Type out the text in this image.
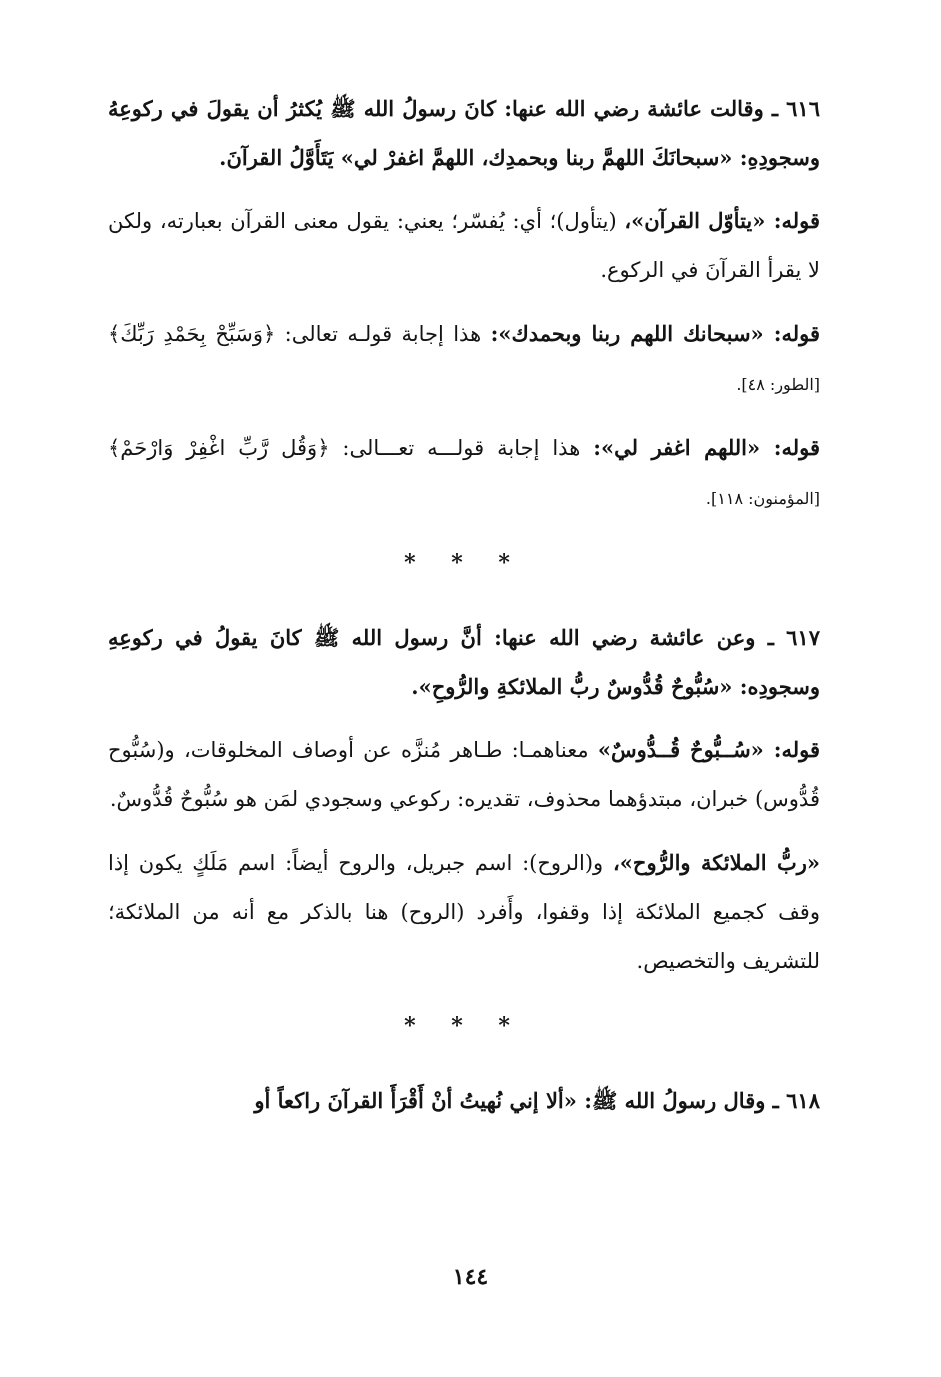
٦١٦ ـ وقالت عائشة رضي الله عنها: كانَ رسولُ الله ﷺ يُكثرُ أن يقولَ في ركوعِهُ وسجودِهِ: «سبحانَكَ اللهمَّ ربنا وبحمدِك، اللهمَّ اغفرْ لي» يَتَأَوَّلُ القرآنَ.

قوله: «يتأوّل القرآن»، (يتأول)؛ أي: يُفسّر؛ يعني: يقول معنى القرآن بعبارته، ولكن لا يقرأ القرآنَ في الركوع.

قوله: «سبحانك اللهم ربنا وبحمدك»: هذا إجابة قولـه تعالى: ﴿وَسَبِّحْ بِحَمْدِ رَبِّكَ﴾[الطور: ٤٨].

قوله: «اللهم اغفر لي»: هذا إجابة قولـــه تعـــالى: ﴿وَقُل رَّبِّ اغْفِرْ وَارْحَمْ﴾[المؤمنون: ١١٨].

* * *

٦١٧ ـ وعن عائشة رضي الله عنها: أنَّ رسول الله ﷺ كانَ يقولُ في ركوعِهِ وسجودِه: «سُبُّوحٌ قُدُّوسٌ ربُّ الملائكةِ والرُّوحِ».

قوله: «سُــبُّوحٌ قُــدُّوسٌ» معناهمـا: طـاهر مُنزَّه عن أوصاف المخلوقات، و(سُبُّوح قُدُّوس) خبران، مبتدؤهما محذوف، تقديره: ركوعي وسجودي لمَن هو سُبُّوحٌ قُدُّوسٌ.

«ربُّ الملائكة والرُّوح»، و(الروح): اسم جبريل، والروح أيضاً: اسم مَلَكٍ يكون إذا وقف كجميع الملائكة إذا وقفوا، وأَفرد (الروح) هنا بالذكر مع أنه من الملائكة؛ للتشريف والتخصيص.

* * *

٦١٨ ـ وقال رسولُ الله ﷺ: «ألا إني نُهيتُ أنْ أَقْرَأَ القرآنَ راكعاً أو

١٤٤
